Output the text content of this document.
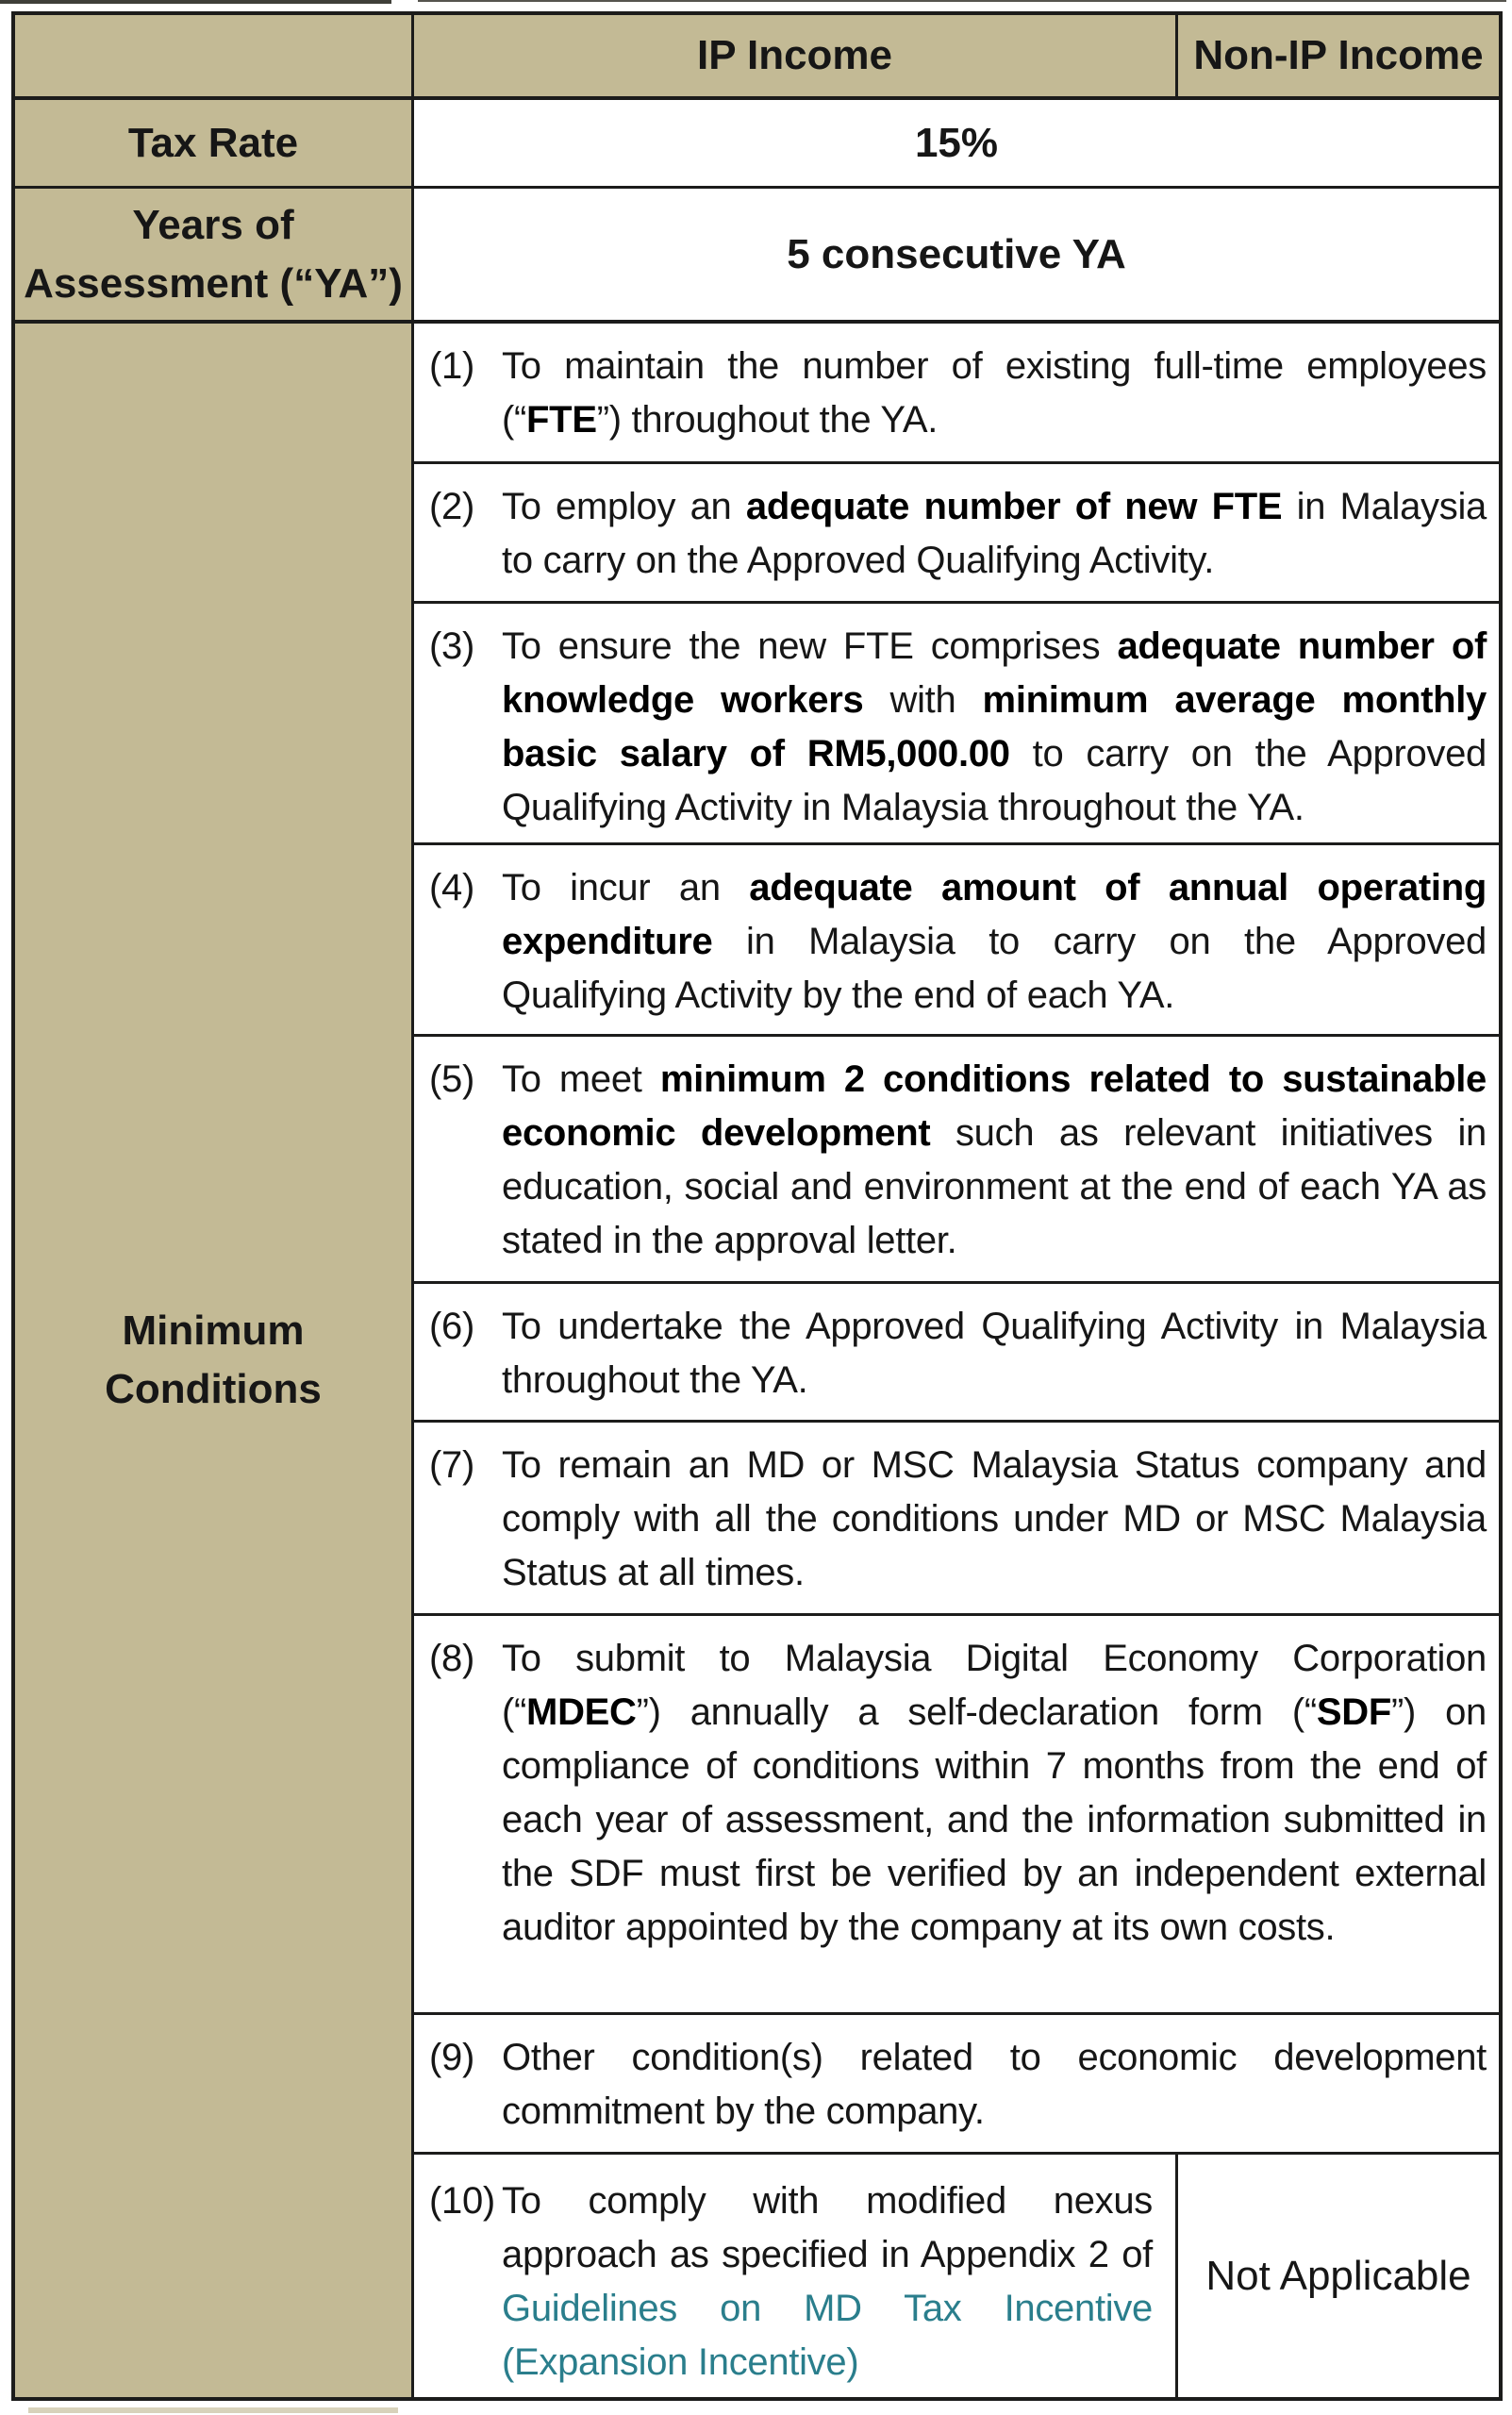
IP Income	Non-IP Income
Tax Rate	15%
Years of
Assessment (“YA”)
5 consecutive YA
Minimum
Conditions
(1) To maintain the number of existing full-time employees (“FTE”) throughout the YA.
(2) To employ an adequate number of new FTE in Malaysia to carry on the Approved Qualifying Activity.
(3) To ensure the new FTE comprises adequate number of knowledge workers with minimum average monthly basic salary of RM5,000.00 to carry on the Approved Qualifying Activity in Malaysia throughout the YA.
(4) To incur an adequate amount of annual operating expenditure in Malaysia to carry on the Approved Qualifying Activity by the end of each YA.
(5) To meet minimum 2 conditions related to sustainable economic development such as relevant initiatives in education, social and environment at the end of each YA as stated in the approval letter.
(6) To undertake the Approved Qualifying Activity in Malaysia throughout the YA.
(7) To remain an MD or MSC Malaysia Status company and comply with all the conditions under MD or MSC Malaysia Status at all times.
(8) To submit to Malaysia Digital Economy Corporation (“MDEC”) annually a self-declaration form (“SDF”) on compliance of conditions within 7 months from the end of each year of assessment, and the information submitted in the SDF must first be verified by an independent external auditor appointed by the company at its own costs.
(9) Other condition(s) related to economic development commitment by the company.
(10) To comply with modified nexus approach as specified in Appendix 2 of Guidelines on MD Tax Incentive (Expansion Incentive)
Not Applicable
